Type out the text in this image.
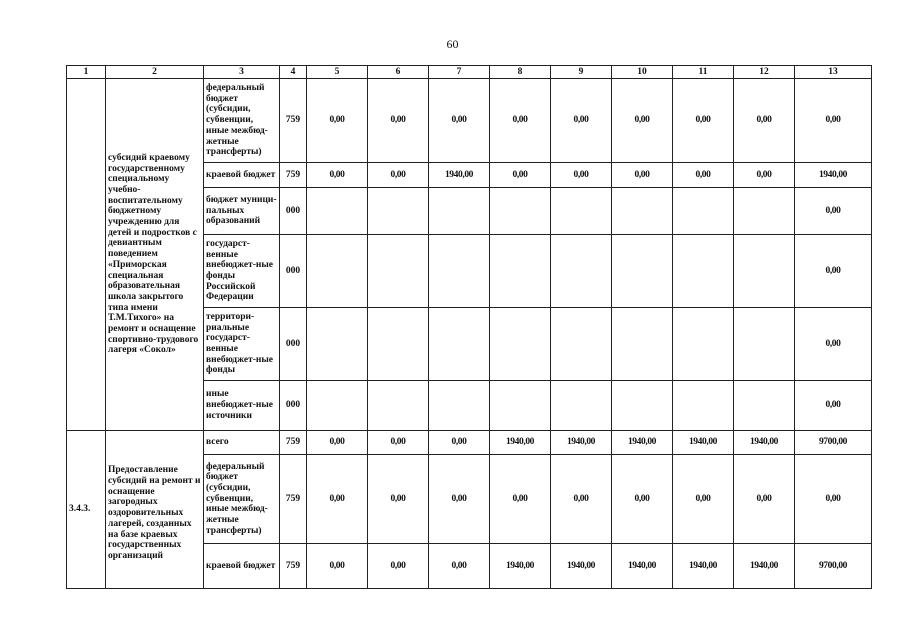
60
1	2	3	4	5	6	7	8	9	10	11	12	13
	субсидий краевому государственному специальному учебно-воспитательному бюджетному учреждению для детей и подростков с девиантным поведением «Приморская специальная образовательная школа закрытого типа имени Т.М.Тихого» на ремонт и оснащение спортивно-трудового лагеря «Сокол»	федеральный бюджет (субсидии, субвенции, иные межбюд-жетные трансферты)	759	0,00	0,00	0,00	0,00	0,00	0,00	0,00	0,00	0,00
		краевой бюджет	759	0,00	0,00	1940,00	0,00	0,00	0,00	0,00	0,00	1940,00
		бюджет муници-пальных образований	000									0,00
		государст-венные внебюджет-ные фонды Российской Федерации	000									0,00
		территори-риальные государст-венные внебюджет-ные фонды	000									0,00
		иные внебюджет-ные источники	000									0,00
3.4.3.	Предоставление субсидий на ремонт и оснащение загородных оздоровительных лагерей, созданных на базе краевых государственных организаций	всего	759	0,00	0,00	0,00	1940,00	1940,00	1940,00	1940,00	1940,00	9700,00
		федеральный бюджет (субсидии, субвенции, иные межбюд- жетные трансферты)	759	0,00	0,00	0,00	0,00	0,00	0,00	0,00	0,00	0,00
		краевой бюджет	759	0,00	0,00	0,00	1940,00	1940,00	1940,00	1940,00	1940,00	9700,00
